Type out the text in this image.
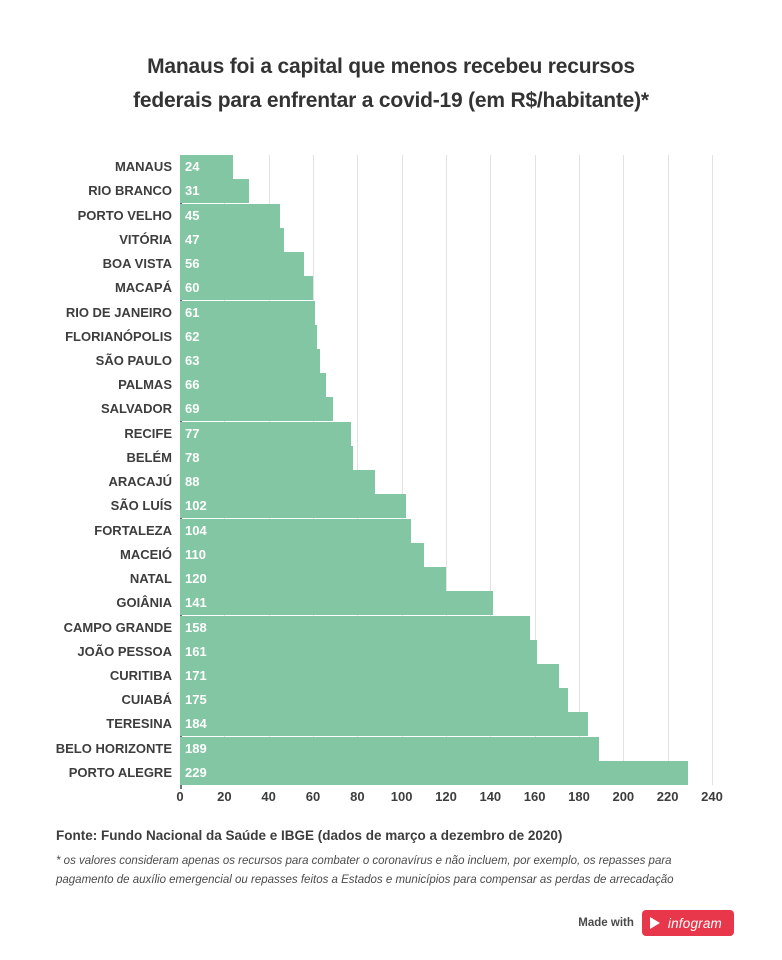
Manaus foi a capital que menos recebeu recursos
federais para enfrentar a covid-19 (em R$/habitante)*
MANAUS 24
RIO BRANCO 31
PORTO VELHO 45
VITÓRIA 47
BOA VISTA 56
MACAPÁ 60
RIO DE JANEIRO 61
FLORIANÓPOLIS 62
SÃO PAULO 63
PALMAS 66
SALVADOR 69
RECIFE 77
BELÉM 78
ARACAJÚ 88
SÃO LUÍS 102
FORTALEZA 104
MACEIÓ 110
NATAL 120
GOIÂNIA 141
CAMPO GRANDE 158
JOÃO PESSOA 161
CURITIBA 171
CUIABÁ 175
TERESINA 184
BELO HORIZONTE 189
PORTO ALEGRE 229
0	20 40 60 80 100 120 140 160 180 200 220 240
Fonte: Fundo Nacional da Saúde e IBGE (dados de março a dezembro de 2020)
* os valores consideram apenas os recursos para combater o coronavírus e não incluem, por exemplo, os repasses para
pagamento de auxílio emergencial ou repasses feitos a Estados e municípios para compensar as perdas de arrecadação
Made with	infogram
